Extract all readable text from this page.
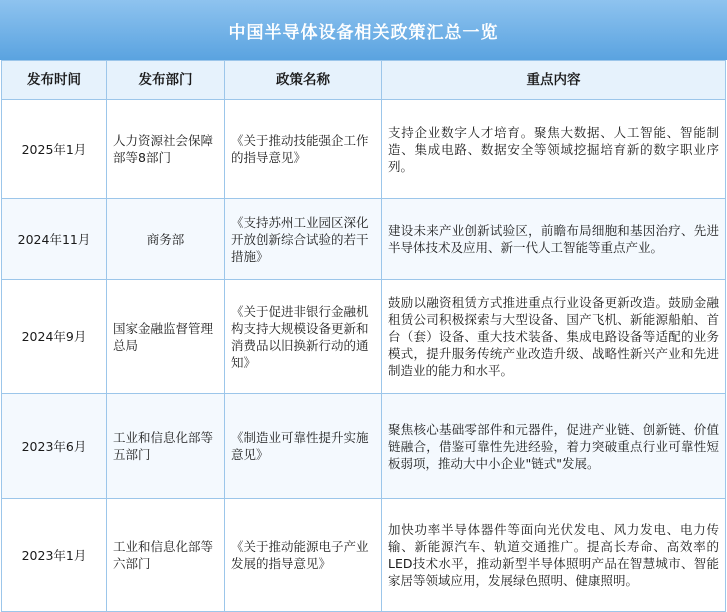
中国半导体设备相关政策汇总一览
发布时间	发布部门	政策名称	重点内容
2025年1月	人力资源社会保障部等8部门	《关于推动技能强企工作的指导意见》	支持企业数字人才培育。聚焦大数据、人工智能、智能制造、集成电路、数据安全等领域挖掘培育新的数字职业序列。
2024年11月	商务部	《支持苏州工业园区深化开放创新综合试验的若干措施》	建设未来产业创新试验区，前瞻布局细胞和基因治疗、先进半导体技术及应用、新一代人工智能等重点产业。
2024年9月	国家金融监督管理总局	《关于促进非银行金融机构支持大规模设备更新和消费品以旧换新行动的通知》	鼓励以融资租赁方式推进重点行业设备更新改造。鼓励金融租赁公司积极探索与大型设备、国产飞机、新能源船舶、首台（套）设备、重大技术装备、集成电路设备等适配的业务模式，提升服务传统产业改造升级、战略性新兴产业和先进制造业的能力和水平。
2023年6月	工业和信息化部等五部门	《制造业可靠性提升实施意见》	聚焦核心基础零部件和元器件，促进产业链、创新链、价值链融合，借鉴可靠性先进经验，着力突破重点行业可靠性短板弱项，推动大中小企业"链式"发展。
2023年1月	工业和信息化部等六部门	《关于推动能源电子产业发展的指导意见》	加快功率半导体器件等面向光伏发电、风力发电、电力传输、新能源汽车、轨道交通推广。提高长寿命、高效率的LED技术水平，推动新型半导体照明产品在智慧城市、智能家居等领域应用，发展绿色照明、健康照明。
